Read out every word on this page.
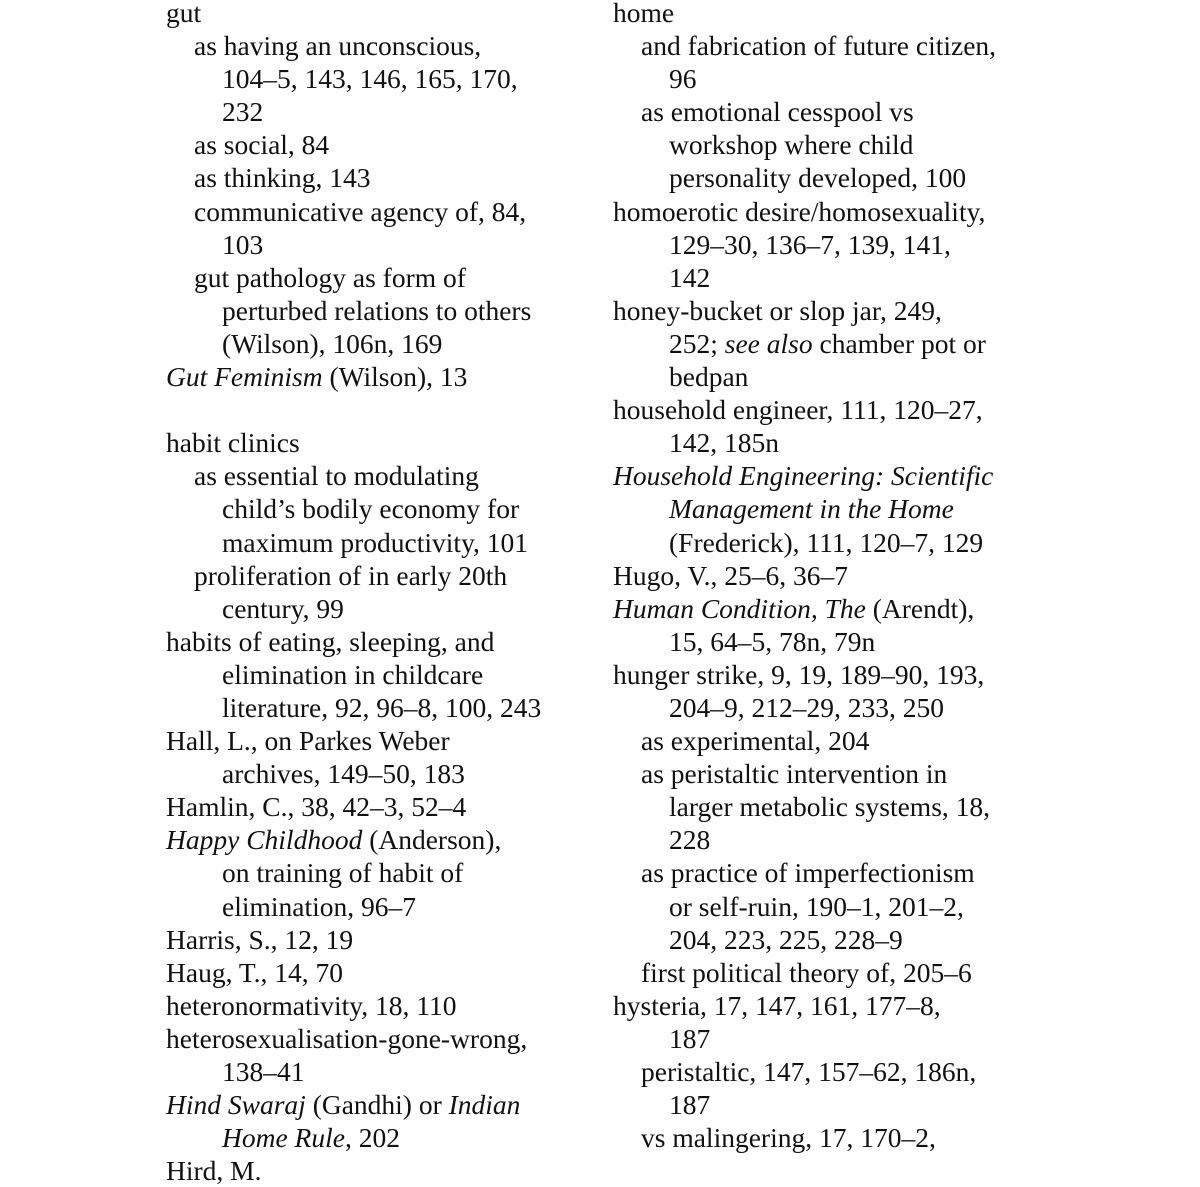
gut
as having an unconscious,
104–5, 143, 146, 165, 170,
232
as social, 84
as thinking, 143
communicative agency of, 84,
103
gut pathology as form of
perturbed relations to others
(Wilson), 106n, 169
Gut Feminism (Wilson), 13
habit clinics
as essential to modulating
child’s bodily economy for
maximum productivity, 101
proliferation of in early 20th
century, 99
habits of eating, sleeping, and
elimination in childcare
literature, 92, 96–8, 100, 243
Hall, L., on Parkes Weber
archives, 149–50, 183
Hamlin, C., 38, 42–3, 52–4
Happy Childhood (Anderson),
on training of habit of
elimination, 96–7
Harris, S., 12, 19
Haug, T., 14, 70
heteronormativity, 18, 110
heterosexualisation-gone-wrong,
138–41
Hind Swaraj (Gandhi) or Indian
Home Rule, 202
Hird, M.
home
and fabrication of future citizen,
96
as emotional cesspool vs
workshop where child
personality developed, 100
homoerotic desire/homosexuality,
129–30, 136–7, 139, 141,
142
honey-bucket or slop jar, 249,
252; see also chamber pot or
bedpan
household engineer, 111, 120–27,
142, 185n
Household Engineering: Scientific
Management in the Home
(Frederick), 111, 120–7, 129
Hugo, V., 25–6, 36–7
Human Condition, The (Arendt),
15, 64–5, 78n, 79n
hunger strike, 9, 19, 189–90, 193,
204–9, 212–29, 233, 250
as experimental, 204
as peristaltic intervention in
larger metabolic systems, 18,
228
as practice of imperfectionism
or self-ruin, 190–1, 201–2,
204, 223, 225, 228–9
first political theory of, 205–6
hysteria, 17, 147, 161, 177–8,
187
peristaltic, 147, 157–62, 186n,
187
vs malingering, 17, 170–2,
